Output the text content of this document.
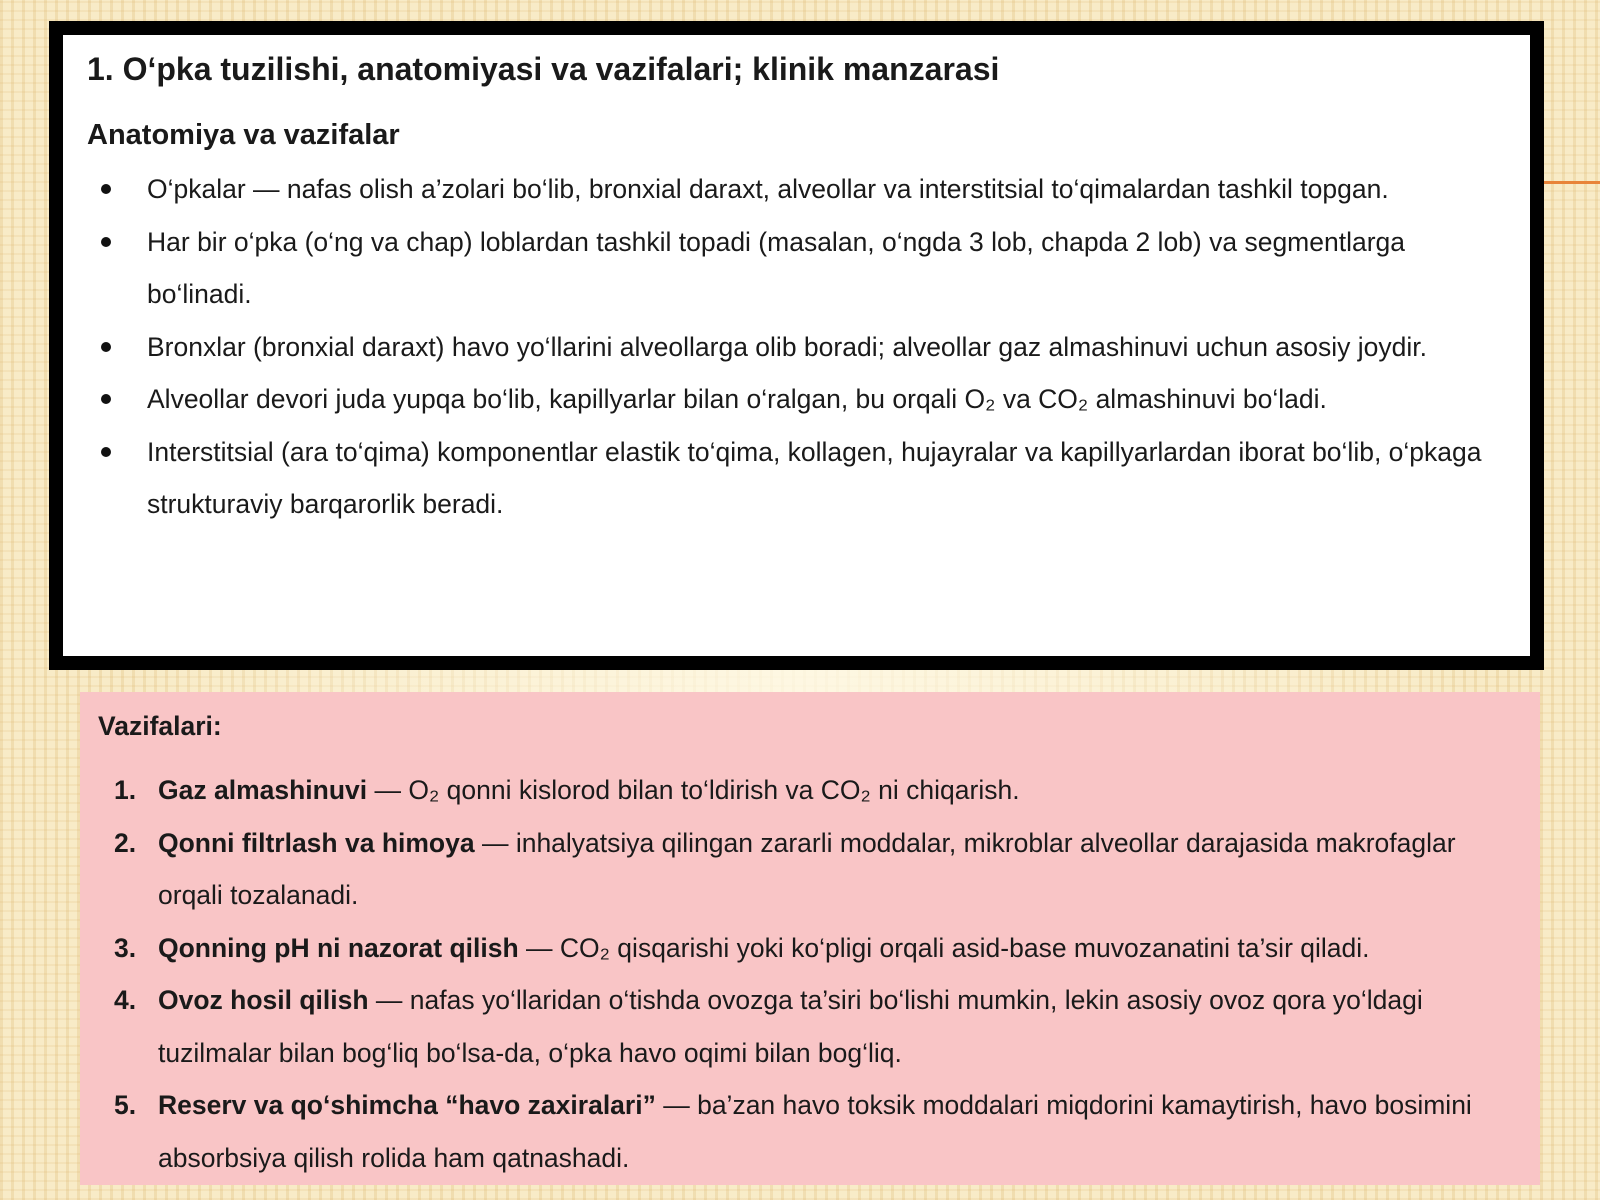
1. O‘pka tuzilishi, anatomiyasi va vazifalari; klinik manzarasi
Anatomiya va vazifalar
O‘pkalar — nafas olish a’zolari bo‘lib, bronxial daraxt, alveollar va interstitsial to‘qimalardan tashkil topgan.
Har bir o‘pka (o‘ng va chap) loblardan tashkil topadi (masalan, o‘ngda 3 lob, chapda 2 lob) va segmentlarga bo‘linadi.
Bronxlar (bronxial daraxt) havo yo‘llarini alveollarga olib boradi; alveollar gaz almashinuvi uchun asosiy joydir.
Alveollar devori juda yupqa bo‘lib, kapillyarlar bilan o‘ralgan, bu orqali O₂ va CO₂ almashinuvi bo‘ladi.
Interstitsial (ara to‘qima) komponentlar elastik to‘qima, kollagen, hujayralar va kapillyarlardan iborat bo‘lib, o‘pkaga strukturaviy barqarorlik beradi.
Vazifalari:
1. Gaz almashinuvi — O₂ qonni kislorod bilan to‘ldirish va CO₂ ni chiqarish.
2. Qonni filtrlash va himoya — inhalyatsiya qilingan zararli moddalar, mikroblar alveollar darajasida makrofaglar orqali tozalanadi.
3. Qonning pH ni nazorat qilish — CO₂ qisqarishi yoki ko‘pligi orqali asid-base muvozanatini ta’sir qiladi.
4. Ovoz hosil qilish — nafas yo‘llaridan o‘tishda ovozga ta’siri bo‘lishi mumkin, lekin asosiy ovoz qora yo‘ldagi tuzilmalar bilan bog‘liq bo‘lsa-da, o‘pka havo oqimi bilan bog‘liq.
5. Reserv va qo‘shimcha “havo zaxiralari” — ba’zan havo toksik moddalari miqdorini kamaytirish, havo bosimini absorbsiya qilish rolida ham qatnashadi.
